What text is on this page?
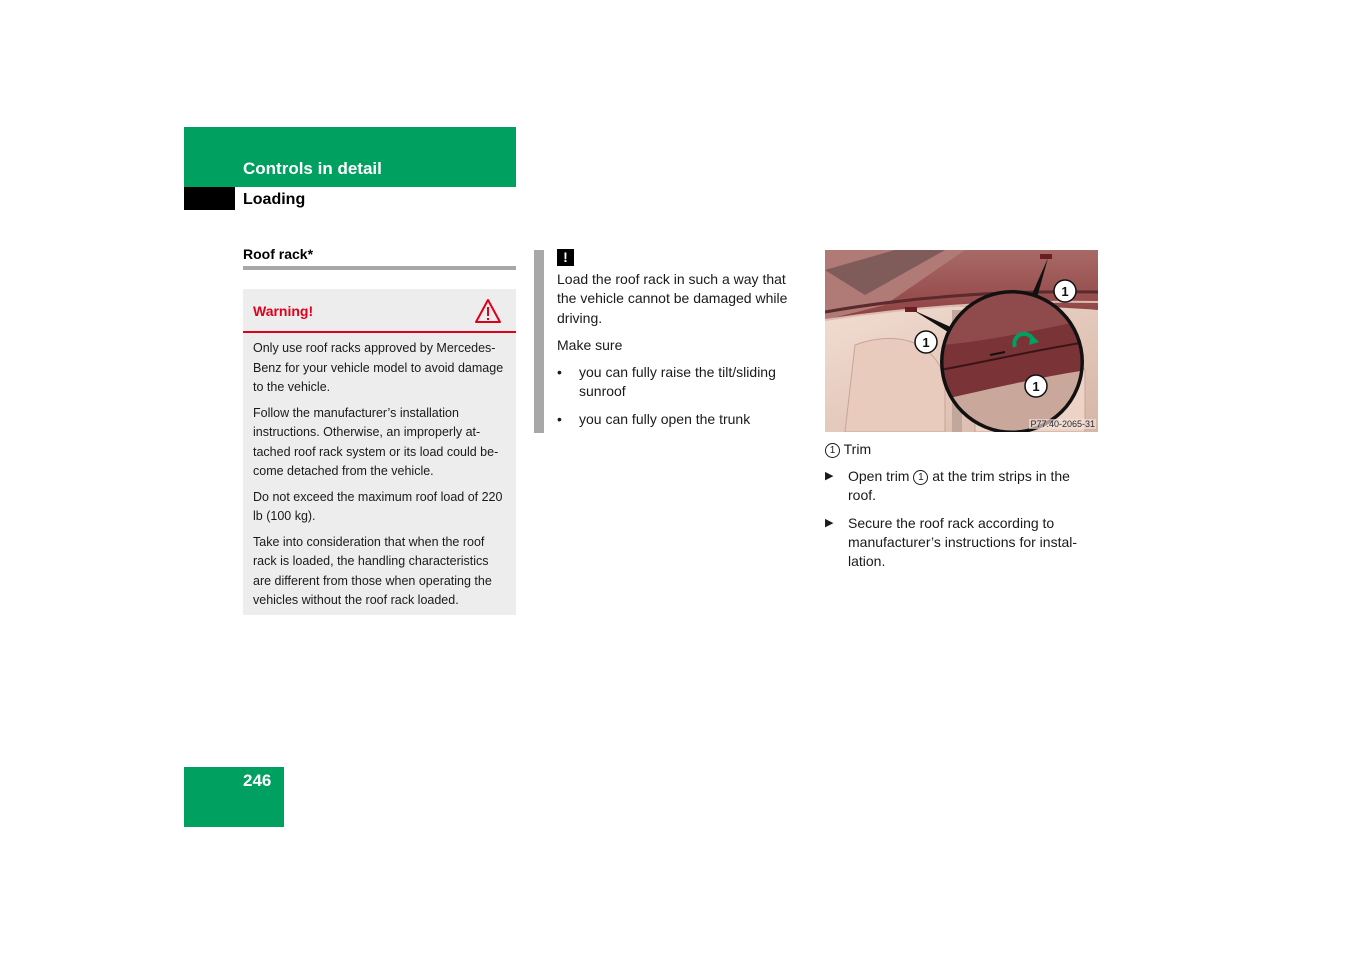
Controls in detail
Loading
Roof rack*
Warning!

Only use roof racks approved by Mercedes-Benz for your vehicle model to avoid damage to the vehicle.

Follow the manufacturer’s installation instructions. Otherwise, an improperly at-tached roof rack system or its load could be-come detached from the vehicle.

Do not exceed the maximum roof load of 220 lb (100 kg).

Take into consideration that when the roof rack is loaded, the handling characteristics are different from those when operating the vehicles without the roof rack loaded.

!

Load the roof rack in such a way that the vehicle cannot be damaged while driving.

Make sure

• you can fully raise the tilt/sliding sunroof
• you can fully open the trunk
1
1
1
P77.40-2065-31
1 Trim
▶ Open trim 1 at the trim strips in the roof.
▶ Secure the roof rack according to manufacturer’s instructions for instal-lation.
246
